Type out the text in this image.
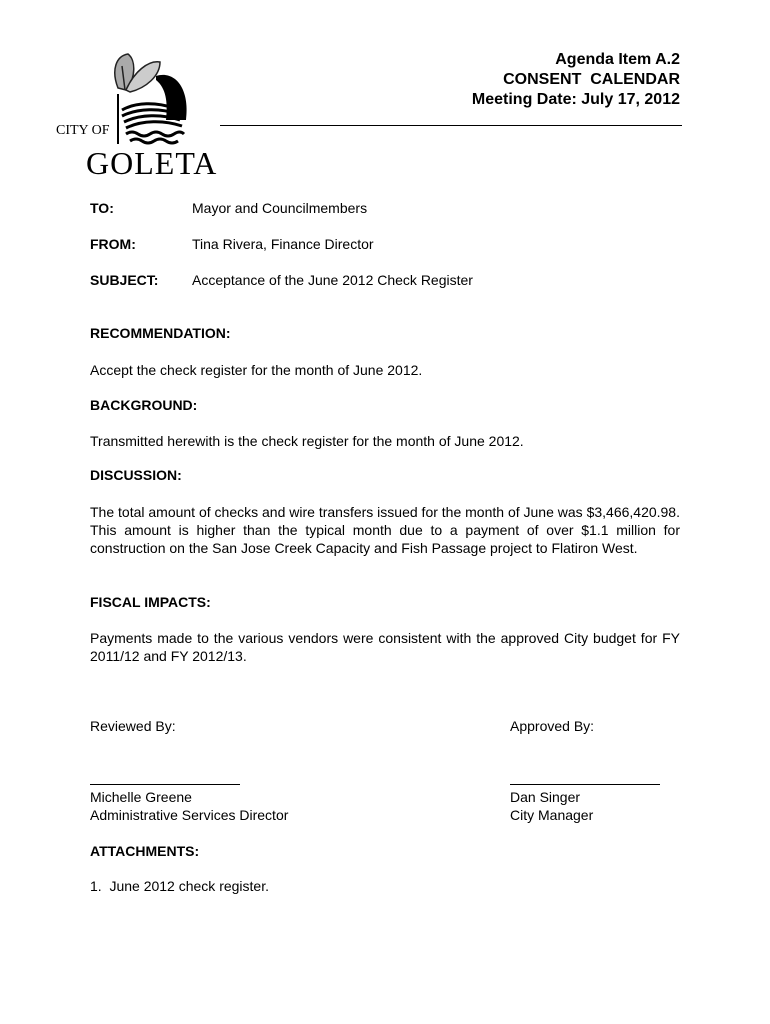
CITY OF
GOLETA
Agenda Item A.2
CONSENT  CALENDAR
Meeting Date: July 17, 2012
TO:	Mayor and Councilmembers
FROM:	Tina Rivera, Finance Director
SUBJECT: Acceptance of the June 2012 Check Register
RECOMMENDATION:
Accept the check register for the month of June 2012.
BACKGROUND:
Transmitted herewith is the check register for the month of June 2012.
DISCUSSION:
The total amount of checks and wire transfers issued for the month of June was $3,466,420.98. This amount is higher than the typical month due to a payment of over $1.1 million for construction on the San Jose Creek Capacity and Fish Passage project to Flatiron West.
FISCAL IMPACTS:
Payments made to the various vendors were consistent with the approved City budget for FY 2011/12 and FY 2012/13.
Reviewed By:	Approved By:
Michelle Greene
Administrative Services Director
Dan Singer
City Manager
ATTACHMENTS:
1.  June 2012 check register.
